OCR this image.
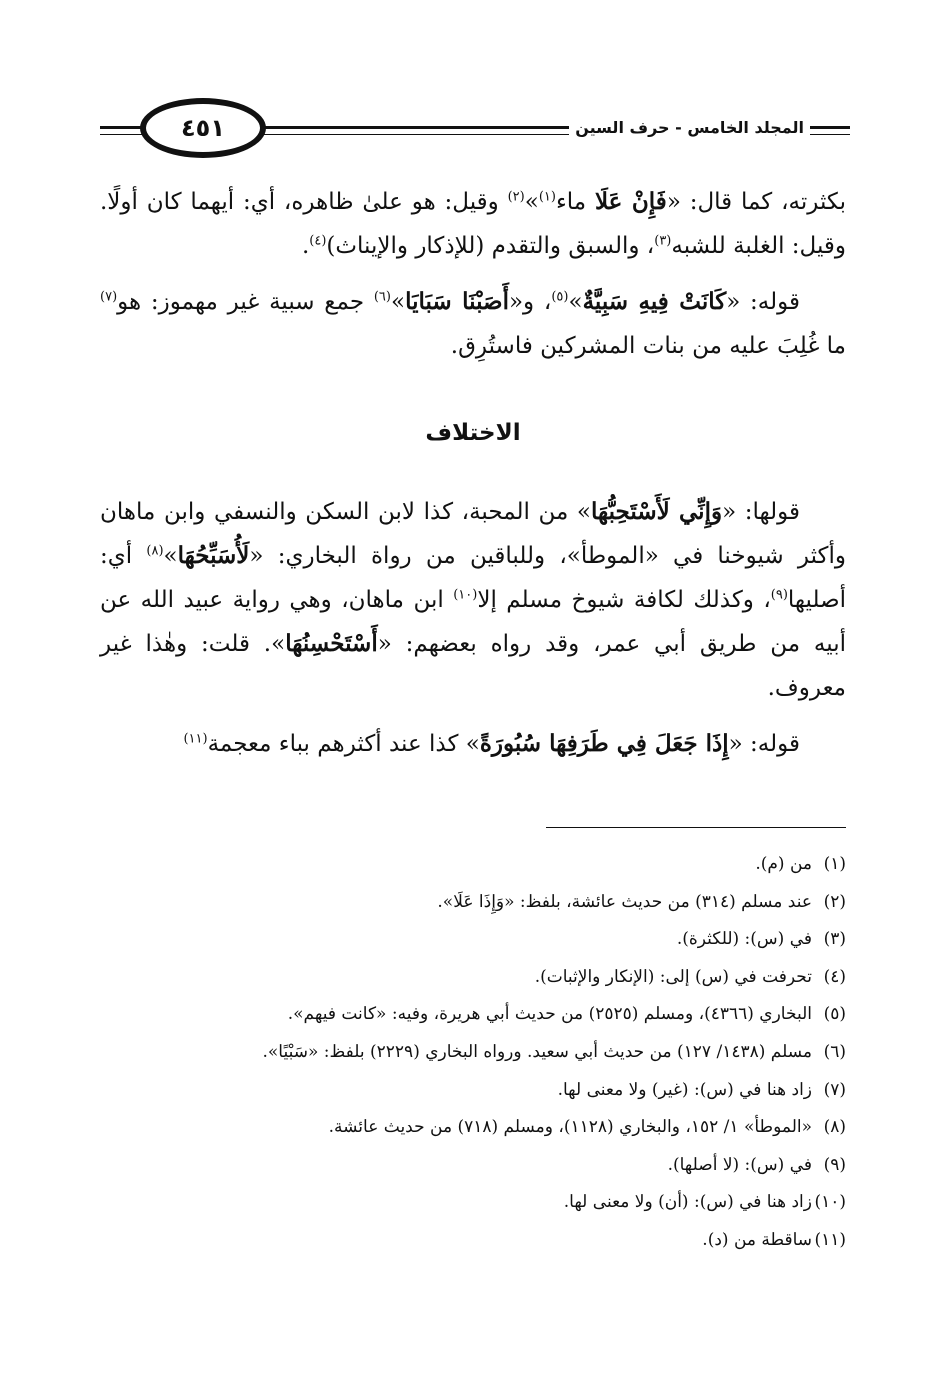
المجلد الخامس - حرف السين
٤٥١

بكثرته، كما قال: «فَإِنْ عَلَا ماء$^{(١)}$»$^{(٢)}$ وقيل: هو علىٰ ظاهره، أي: أيهما كان أولًا. وقيل: الغلبة للشبه$^{(٣)}$، والسبق والتقدم (للإذكار والإيناث)$^{(٤)}$.

قوله: «كَانَتْ فِيهِ سَبِيَّةٌ»$^{(٥)}$، و«أَصَبْنَا سَبَايَا»$^{(٦)}$ جمع سبية غير مهموز: هو$^{(٧)}$ ما غُلِبَ عليه من بنات المشركين فاستُرِق.

الاختلاف

قولها: «وَإِنِّي لَأَسْتَحِبُّهَا» من المحبة، كذا لابن السكن والنسفي وابن ماهان وأكثر شيوخنا في «الموطأ»، وللباقين من رواة البخاري: «لَأُسَبِّحُهَا»$^{(٨)}$ أي: أصليها$^{(٩)}$، وكذلك لكافة شيوخ مسلم إلا$^{(١٠)}$ ابن ماهان، وهي رواية عبيد الله عن أبيه من طريق أبي عمر، وقد رواه بعضهم: «أَسْتَحْسِنُهَا». قلت: وهٰذا غير معروف.

قوله: «إِذَا جَعَلَ فِي طَرَفِهَا سُبُورَةً» كذا عند أكثرهم بباء معجمة$^{(١١)}$

(١)من (م).
(٢)عند مسلم (٣١٤) من حديث عائشة، بلفظ: «وَإِذَا عَلَا».
(٣)في (س): (للكثرة).
(٤)تحرفت في (س) إلى: (الإنكار والإثبات).
(٥)البخاري (٤٣٦٦)، ومسلم (٢٥٢٥) من حديث أبي هريرة، وفيه: «كانت فيهم».
(٦)مسلم (١٤٣٨/ ١٢٧) من حديث أبي سعيد. ورواه البخاري (٢٢٢٩) بلفظ: «سَبْيًا».
(٧)زاد هنا في (س): (غير) ولا معنى لها.
(٨)«الموطأ» ١/ ١٥٢، والبخاري (١١٢٨)، ومسلم (٧١٨) من حديث عائشة.
(٩)في (س): (لا أصلها).
(١٠)زاد هنا في (س): (أن) ولا معنى لها.
(١١)ساقطة من (د).
